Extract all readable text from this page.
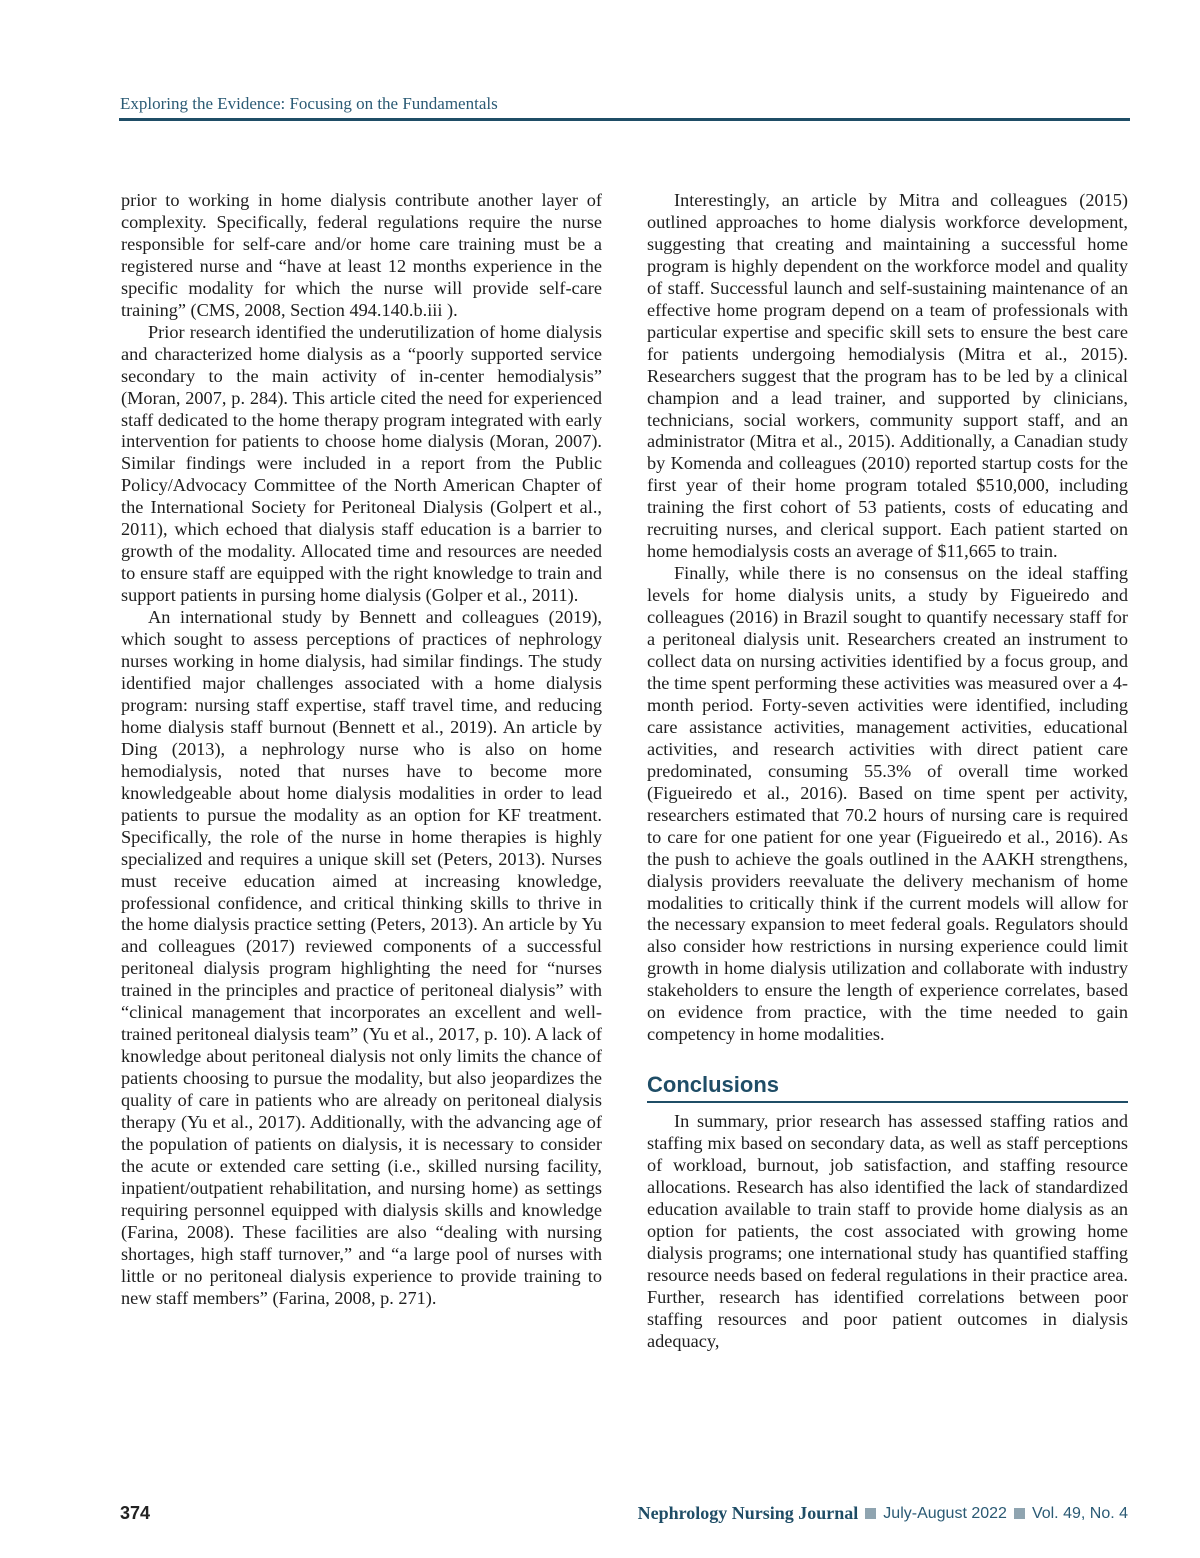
Exploring the Evidence: Focusing on the Fundamentals

prior to working in home dialysis contribute another layer of complexity. Specifically, federal regulations require the nurse responsible for self-care and/or home care training must be a registered nurse and “have at least 12 months experience in the specific modality for which the nurse will provide self-care training” (CMS, 2008, Section 494.140.b.iii ).

Prior research identified the underutilization of home dialysis and characterized home dialysis as a “poorly supported service secondary to the main activity of in-center hemodialysis” (Moran, 2007, p. 284). This article cited the need for experienced staff dedicated to the home therapy program integrated with early intervention for patients to choose home dialysis (Moran, 2007). Similar findings were included in a report from the Public Policy/Advocacy Committee of the North American Chapter of the International Society for Peritoneal Dialysis (Golpert et al., 2011), which echoed that dialysis staff education is a barrier to growth of the modality. Allocated time and resources are needed to ensure staff are equipped with the right knowledge to train and support patients in pursing home dialysis (Golper et al., 2011).

An international study by Bennett and colleagues (2019), which sought to assess perceptions of practices of nephrology nurses working in home dialysis, had similar findings. The study identified major challenges associated with a home dialysis program: nursing staff expertise, staff travel time, and reducing home dialysis staff burnout (Bennett et al., 2019). An article by Ding (2013), a nephrology nurse who is also on home hemodialysis, noted that nurses have to become more knowledgeable about home dialysis modalities in order to lead patients to pursue the modality as an option for KF treatment. Specifically, the role of the nurse in home therapies is highly specialized and requires a unique skill set (Peters, 2013). Nurses must receive education aimed at increasing knowledge, professional confidence, and critical thinking skills to thrive in the home dialysis practice setting (Peters, 2013). An article by Yu and colleagues (2017) reviewed components of a successful peritoneal dialysis program highlighting the need for “nurses trained in the principles and practice of peritoneal dialysis” with “clinical management that incorporates an excellent and well-trained peritoneal dialysis team” (Yu et al., 2017, p. 10). A lack of knowledge about peritoneal dialysis not only limits the chance of patients choosing to pursue the modality, but also jeopardizes the quality of care in patients who are already on peritoneal dialysis therapy (Yu et al., 2017). Additionally, with the advancing age of the population of patients on dialysis, it is necessary to consider the acute or extended care setting (i.e., skilled nursing facility, inpatient/outpatient rehabilitation, and nursing home) as settings requiring personnel equipped with dialysis skills and knowledge (Farina, 2008). These facilities are also “dealing with nursing shortages, high staff turnover,” and “a large pool of nurses with little or no peritoneal dialysis experience to provide training to new staff members” (Farina, 2008, p. 271).

Interestingly, an article by Mitra and colleagues (2015) outlined approaches to home dialysis workforce development, suggesting that creating and maintaining a successful home program is highly dependent on the workforce model and quality of staff. Successful launch and self-sustaining maintenance of an effective home program depend on a team of professionals with particular expertise and specific skill sets to ensure the best care for patients undergoing hemodialysis (Mitra et al., 2015). Researchers suggest that the program has to be led by a clinical champion and a lead trainer, and supported by clinicians, technicians, social workers, community support staff, and an administrator (Mitra et al., 2015). Additionally, a Canadian study by Komenda and colleagues (2010) reported startup costs for the first year of their home program totaled $510,000, including training the first cohort of 53 patients, costs of educating and recruiting nurses, and clerical support. Each patient started on home hemodialysis costs an average of $11,665 to train.

Finally, while there is no consensus on the ideal staffing levels for home dialysis units, a study by Figueiredo and colleagues (2016) in Brazil sought to quantify necessary staff for a peritoneal dialysis unit. Researchers created an instrument to collect data on nursing activities identified by a focus group, and the time spent performing these activities was measured over a 4-month period. Forty-seven activities were identified, including care assistance activities, management activities, educational activities, and research activities with direct patient care predominated, consuming 55.3% of overall time worked (Figueiredo et al., 2016). Based on time spent per activity, researchers estimated that 70.2 hours of nursing care is required to care for one patient for one year (Figueiredo et al., 2016). As the push to achieve the goals outlined in the AAKH strengthens, dialysis providers reevaluate the delivery mechanism of home modalities to critically think if the current models will allow for the necessary expansion to meet federal goals. Regulators should also consider how restrictions in nursing experience could limit growth in home dialysis utilization and collaborate with industry stakeholders to ensure the length of experience correlates, based on evidence from practice, with the time needed to gain competency in home modalities.

Conclusions

In summary, prior research has assessed staffing ratios and staffing mix based on secondary data, as well as staff perceptions of workload, burnout, job satisfaction, and staffing resource allocations. Research has also identified the lack of standardized education available to train staff to provide home dialysis as an option for patients, the cost associated with growing home dialysis programs; one international study has quantified staffing resource needs based on federal regulations in their practice area. Further, research has identified correlations between poor staffing resources and poor patient outcomes in dialysis adequacy,

374	Nephrology Nursing Journal July-August 2022 Vol. 49, No. 4
